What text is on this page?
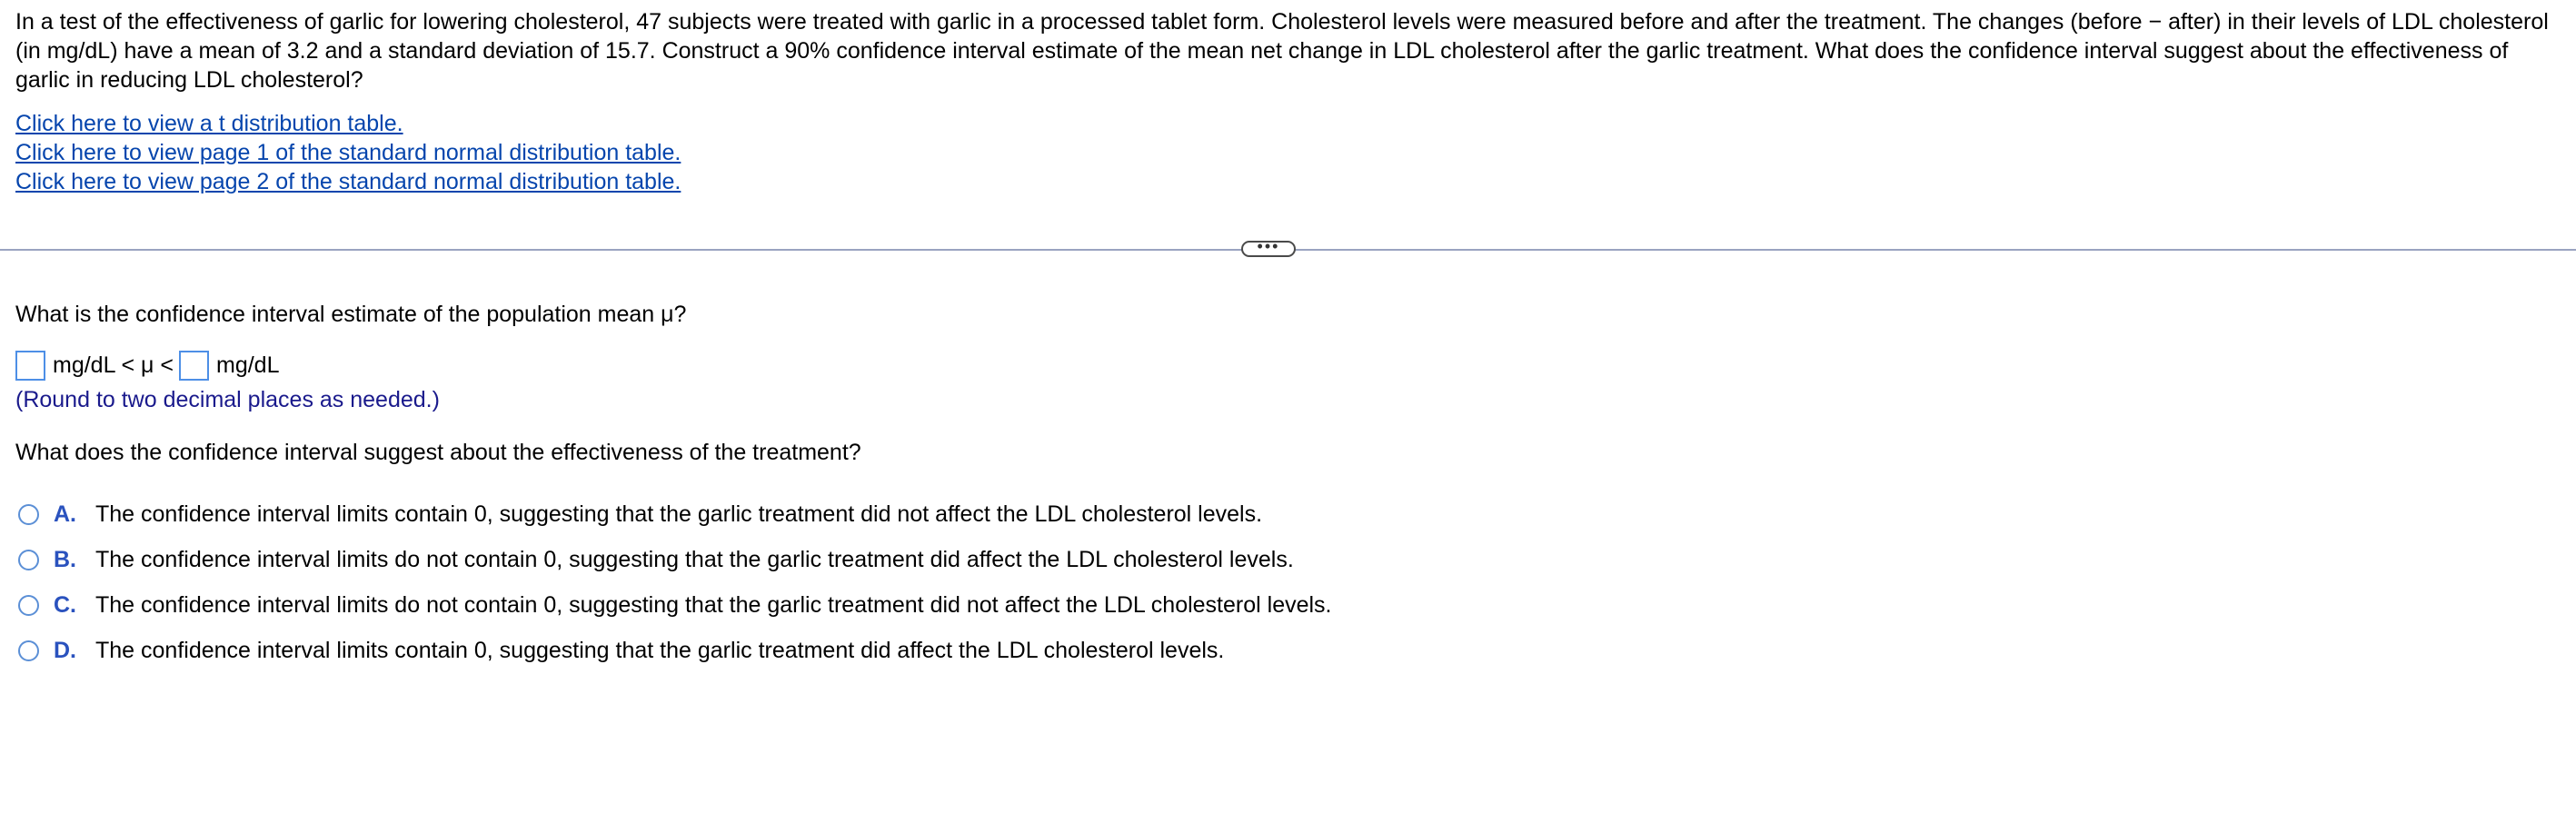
In a test of the effectiveness of garlic for lowering cholesterol, 47 subjects were treated with garlic in a processed tablet form. Cholesterol levels were measured before and after the treatment. The changes (before − after) in their levels of LDL cholesterol (in mg/dL) have a mean of 3.2 and a standard deviation of 15.7. Construct a 90% confidence interval estimate of the mean net change in LDL cholesterol after the garlic treatment. What does the confidence interval suggest about the effectiveness of garlic in reducing LDL cholesterol?
Click here to view a t distribution table.
Click here to view page 1 of the standard normal distribution table.
Click here to view page 2 of the standard normal distribution table.
•••
What is the confidence interval estimate of the population mean μ?
mg/dL < μ < mg/dL
(Round to two decimal places as needed.)
What does the confidence interval suggest about the effectiveness of the treatment?
A. The confidence interval limits contain 0, suggesting that the garlic treatment did not affect the LDL cholesterol levels.
B. The confidence interval limits do not contain 0, suggesting that the garlic treatment did affect the LDL cholesterol levels.
C. The confidence interval limits do not contain 0, suggesting that the garlic treatment did not affect the LDL cholesterol levels.
D. The confidence interval limits contain 0, suggesting that the garlic treatment did affect the LDL cholesterol levels.
